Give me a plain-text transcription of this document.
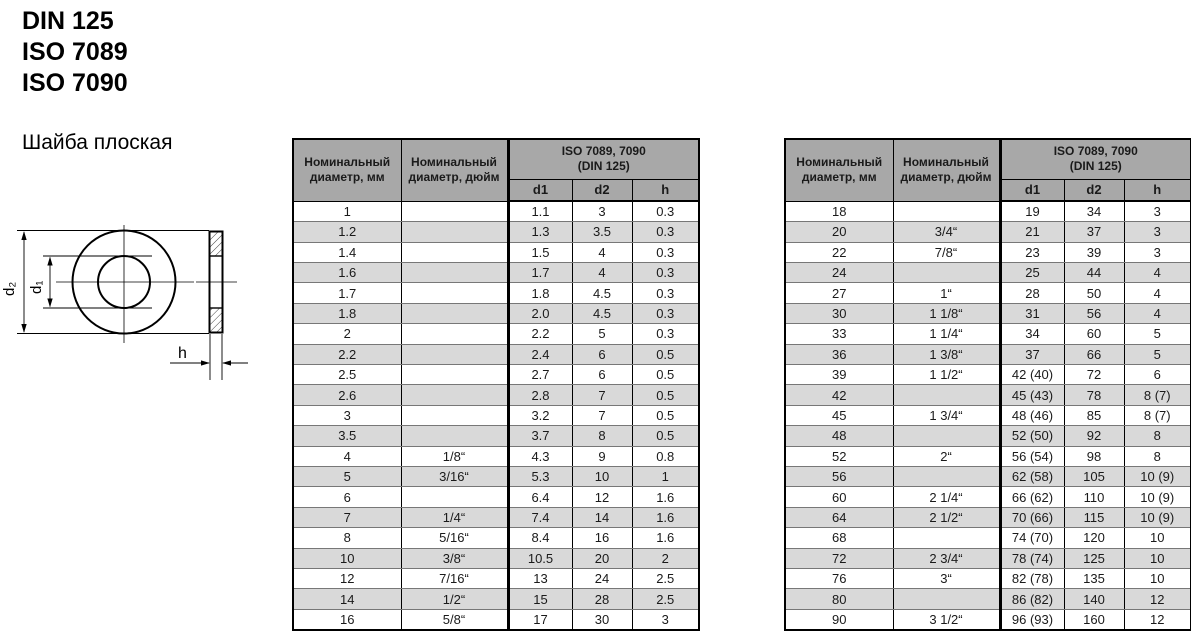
DIN 125
ISO 7089
ISO 7090
Шайба плоская
d₂ d₁
h
Номинальный диаметр, мм	Номинальный диаметр, дюйм	ISO 7089, 7090
(DIN 125)		

		d1	d2	h
1		1.1	3	0.3
1.2		1.3	3.5	0.3
1.4		1.5	4	0.3
1.6		1.7	4	0.3
1.7		1.8	4.5	0.3
1.8		2.0	4.5	0.3
2		2.2	5	0.3
2.2		2.4	6	0.5
2.5		2.7	6	0.5
2.6		2.8	7	0.5
3		3.2	7	0.5
3.5		3.7	8	0.5
4	1/8“	4.3	9	0.8
5	3/16“	5.3	10	1
6		6.4	12	1.6
7	1/4“	7.4	14	1.6
8	5/16“	8.4	16	1.6
10	3/8“	10.5	20	2
12	7/16“	13	24	2.5
14	1/2“	15	28	2.5
16	5/8“	17	30	3
Номинальный диаметр, мм	Номинальный диаметр, дюйм	ISO 7089, 7090
(DIN 125)		

		d1	d2	h
18		19	34	3
20	3/4“	21	37	3
22	7/8“	23	39	3
24		25	44	4
27	1“	28	50	4
30	1 1/8“	31	56	4
33	1 1/4“	34	60	5
36	1 3/8“	37	66	5
39	1 1/2“	42 (40)	72	6
42		45 (43)	78	8 (7)
45	1 3/4“	48 (46)	85	8 (7)
48		52 (50)	92	8
52	2“	56 (54)	98	8
56		62 (58)	105	10 (9)
60	2 1/4“	66 (62)	110	10 (9)
64	2 1/2“	70 (66)	115	10 (9)
68		74 (70)	120	10
72	2 3/4“	78 (74)	125	10
76	3“	82 (78)	135	10
80		86 (82)	140	12
90	3 1/2“	96 (93)	160	12
